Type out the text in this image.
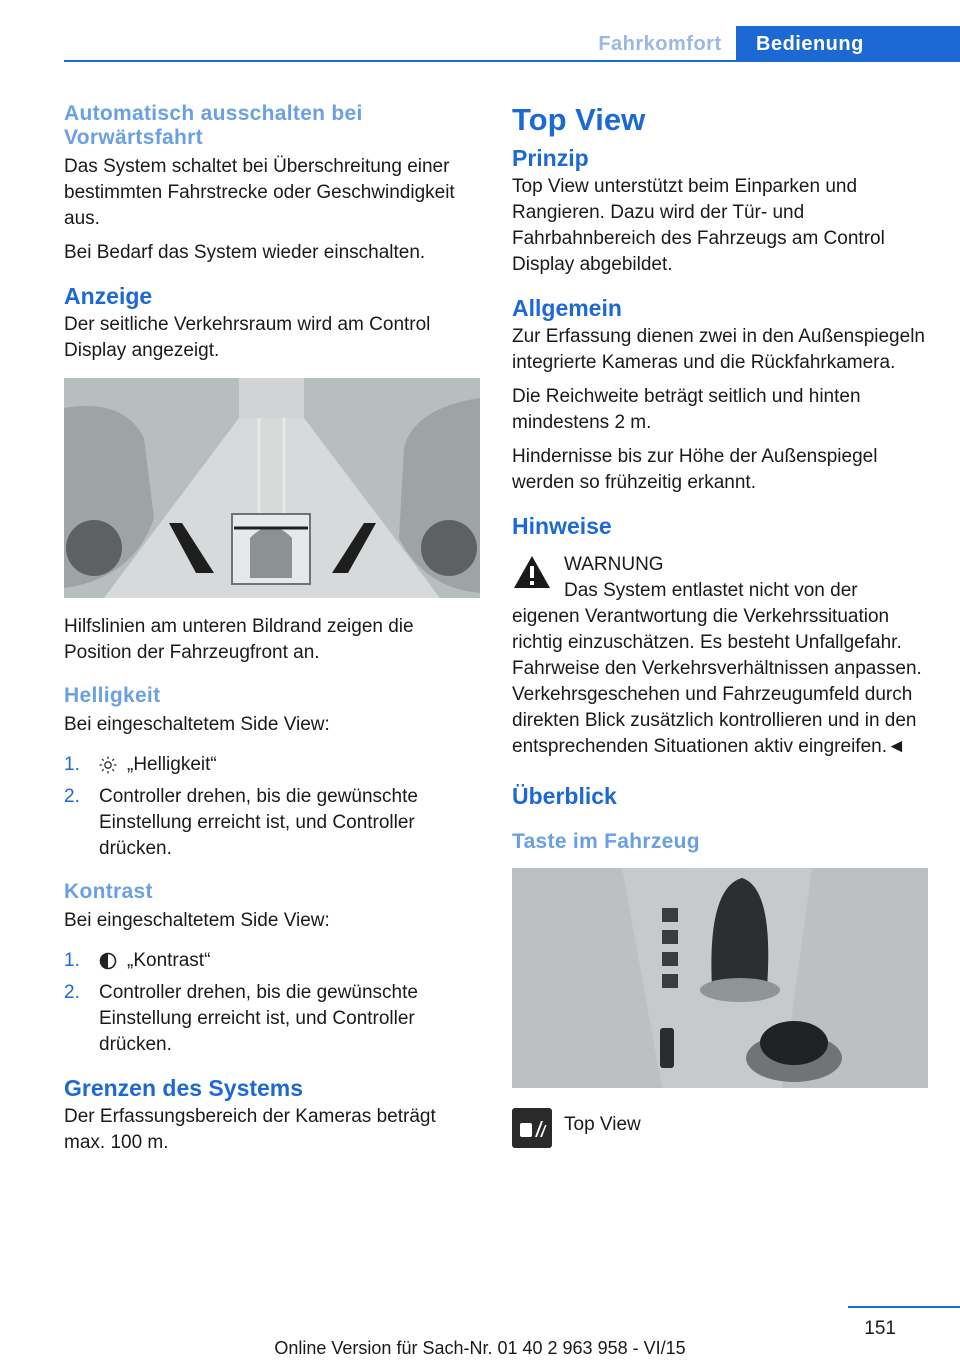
Fahrkomfort	Bedienung
Automatisch ausschalten bei Vorwärtsfahrt

Das System schaltet bei Überschreitung einer bestimmten Fahrstrecke oder Geschwindigkeit aus.

Bei Bedarf das System wieder einschalten.

Anzeige

Der seitliche Verkehrsraum wird am Control Display angezeigt.

Hilfslinien am unteren Bildrand zeigen die Position der Fahrzeugfront an.

Helligkeit

Bei eingeschaltetem Side View:

1.	„Helligkeit“
2.	Controller drehen, bis die gewünschte Einstellung erreicht ist, und Controller drücken.
Kontrast

Bei eingeschaltetem Side View:

1.	„Kontrast“
2.	Controller drehen, bis die gewünschte Einstellung erreicht ist, und Controller drücken.
Grenzen des Systems

Der Erfassungsbereich der Kameras beträgt max. 100 m.

Top View
Prinzip

Top View unterstützt beim Einparken und Rangieren. Dazu wird der Tür- und Fahrbahnbereich des Fahrzeugs am Control Display abgebildet.

Allgemein

Zur Erfassung dienen zwei in den Außenspiegeln integrierte Kameras und die Rückfahrkamera.

Die Reichweite beträgt seitlich und hinten mindestens 2 m.

Hindernisse bis zur Höhe der Außenspiegel werden so frühzeitig erkannt.

Hinweise

WARNUNG

Das System entlastet nicht von der eigenen Verantwortung die Verkehrssituation richtig einzuschätzen. Es besteht Unfallgefahr. Fahrweise den Verkehrsverhältnissen anpassen. Verkehrsgeschehen und Fahrzeugumfeld durch direkten Blick zusätzlich kontrollieren und in den entsprechenden Situationen aktiv eingreifen.◄

Überblick
Taste im Fahrzeug
Top View
151
Online Version für Sach-Nr. 01 40 2 963 958 - VI/15
